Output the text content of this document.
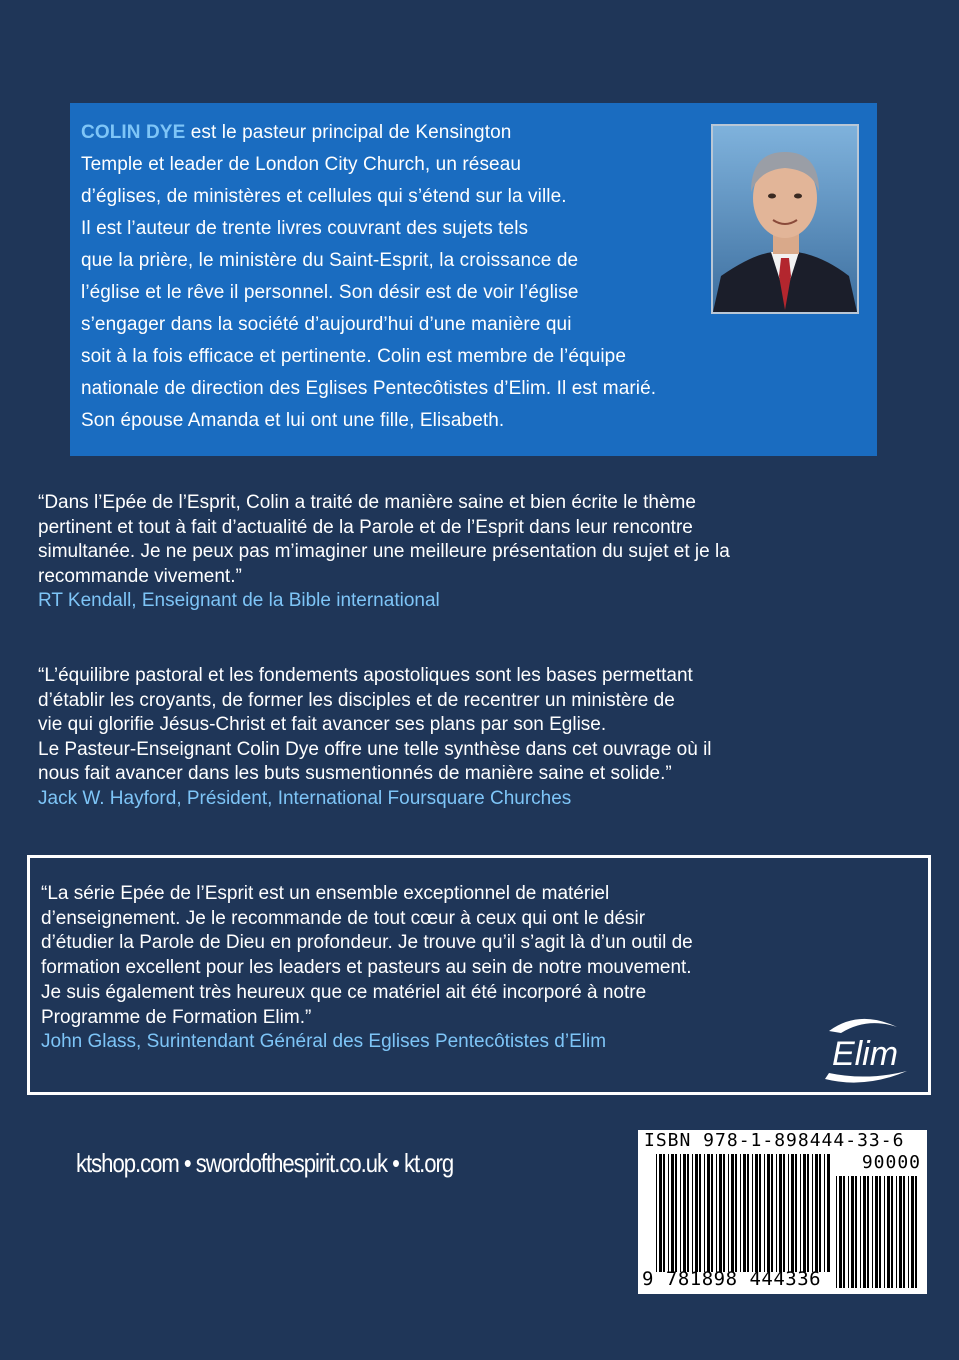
COLIN DYE est le pasteur principal de Kensington
Temple et leader de London City Church, un réseau
d’églises, de ministères et cellules qui s’étend sur la ville.
Il est l’auteur de trente livres couvrant des sujets tels
que la prière, le ministère du Saint-Esprit, la croissance de
l’église et le rêve il personnel. Son désir est de voir l’église
s’engager dans la société d’aujourd’hui d’une manière qui
soit à la fois efficace et pertinente. Colin est membre de l’équipe
nationale de direction des Eglises Pentecôtistes d’Elim. Il est marié.
Son épouse Amanda et lui ont une fille, Elisabeth.
“Dans l’Epée de l’Esprit, Colin a traité de manière saine et bien écrite le thème
pertinent et tout à fait d’actualité de la Parole et de l’Esprit dans leur rencontre
simultanée. Je ne peux pas m’imaginer une meilleure présentation du sujet et je la
recommande vivement.”
RT Kendall, Enseignant de la Bible international
“L’équilibre pastoral et les fondements apostoliques sont les bases permettant
d’établir les croyants, de former les disciples et de recentrer un ministère de
vie qui glorifie Jésus-Christ et fait avancer ses plans par son Eglise.
Le Pasteur-Enseignant Colin Dye offre une telle synthèse dans cet ouvrage où il
nous fait avancer dans les buts susmentionnés de manière saine et solide.”
Jack W. Hayford, Président, International Foursquare Churches
“La série Epée de l’Esprit est un ensemble exceptionnel de matériel
d’enseignement. Je le recommande de tout cœur à ceux qui ont le désir
d’étudier la Parole de Dieu en profondeur. Je trouve qu’il s’agit là d’un outil de
formation excellent pour les leaders et pasteurs au sein de notre mouvement.
Je suis également très heureux que ce matériel ait été incorporé à notre
Programme de Formation Elim.”
John Glass, Surintendant Général des Eglises Pentecôtistes d’Elim	Elim
ktshop.com • swordofthespirit.co.uk • kt.org
ISBN 978-1-898444-33-6
90000
9 781898 444336
